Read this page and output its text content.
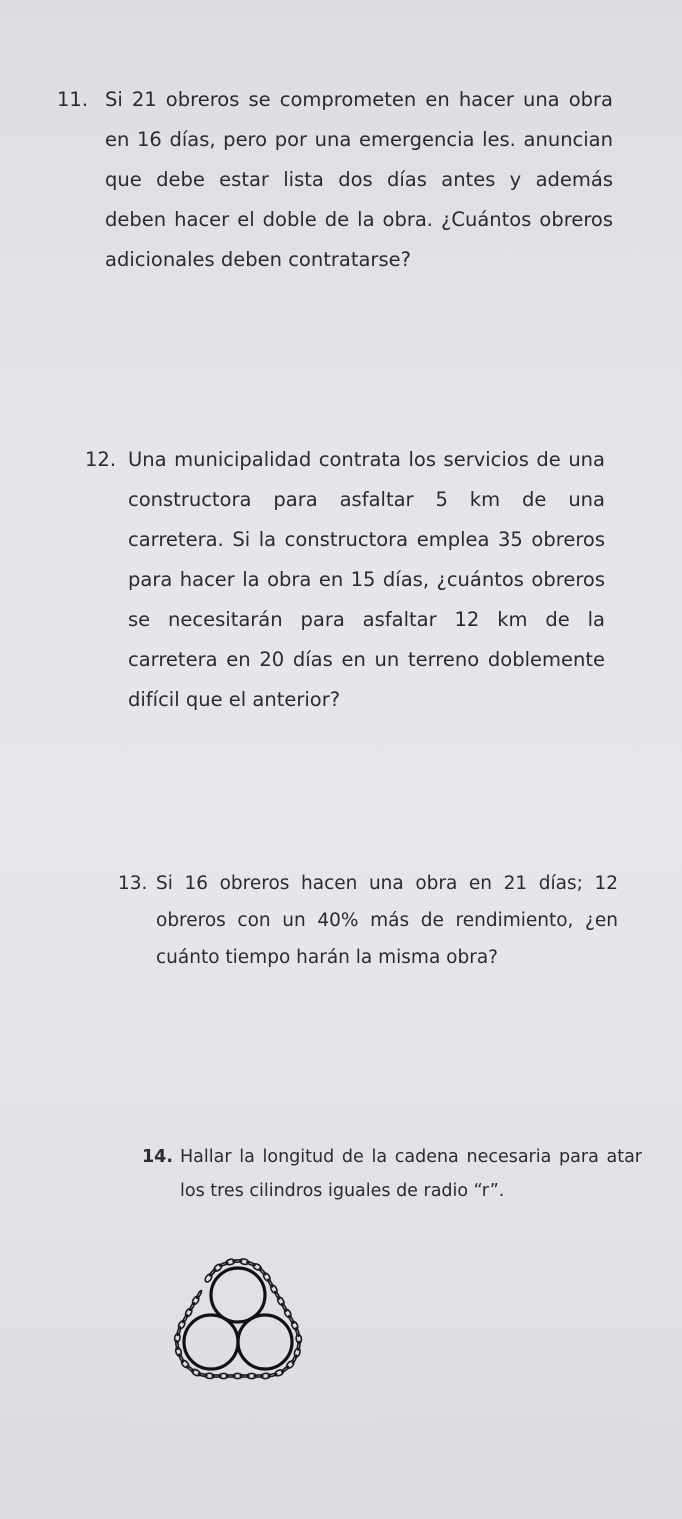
11. Si 21 obreros se comprometen en hacer una obra en 16 días, pero por una emergencia les. anuncian que debe estar lista dos días antes y además deben hacer el doble de la obra. ¿Cuántos obreros adicionales deben contratarse?
12. Una municipalidad contrata los servicios de una constructora para asfaltar 5 km de una carretera. Si la constructora emplea 35 obreros para hacer la obra en 15 días, ¿cuántos obreros se necesitarán para asfaltar 12 km de la carretera en 20 días en un terreno doblemente difícil que el anterior?
13. Si 16 obreros hacen una obra en 21 días; 12 obreros con un 40% más de rendimiento, ¿en cuánto tiempo harán la misma obra?
14. Hallar la longitud de la cadena necesaria para atar los tres cilindros iguales de radio “r”.
